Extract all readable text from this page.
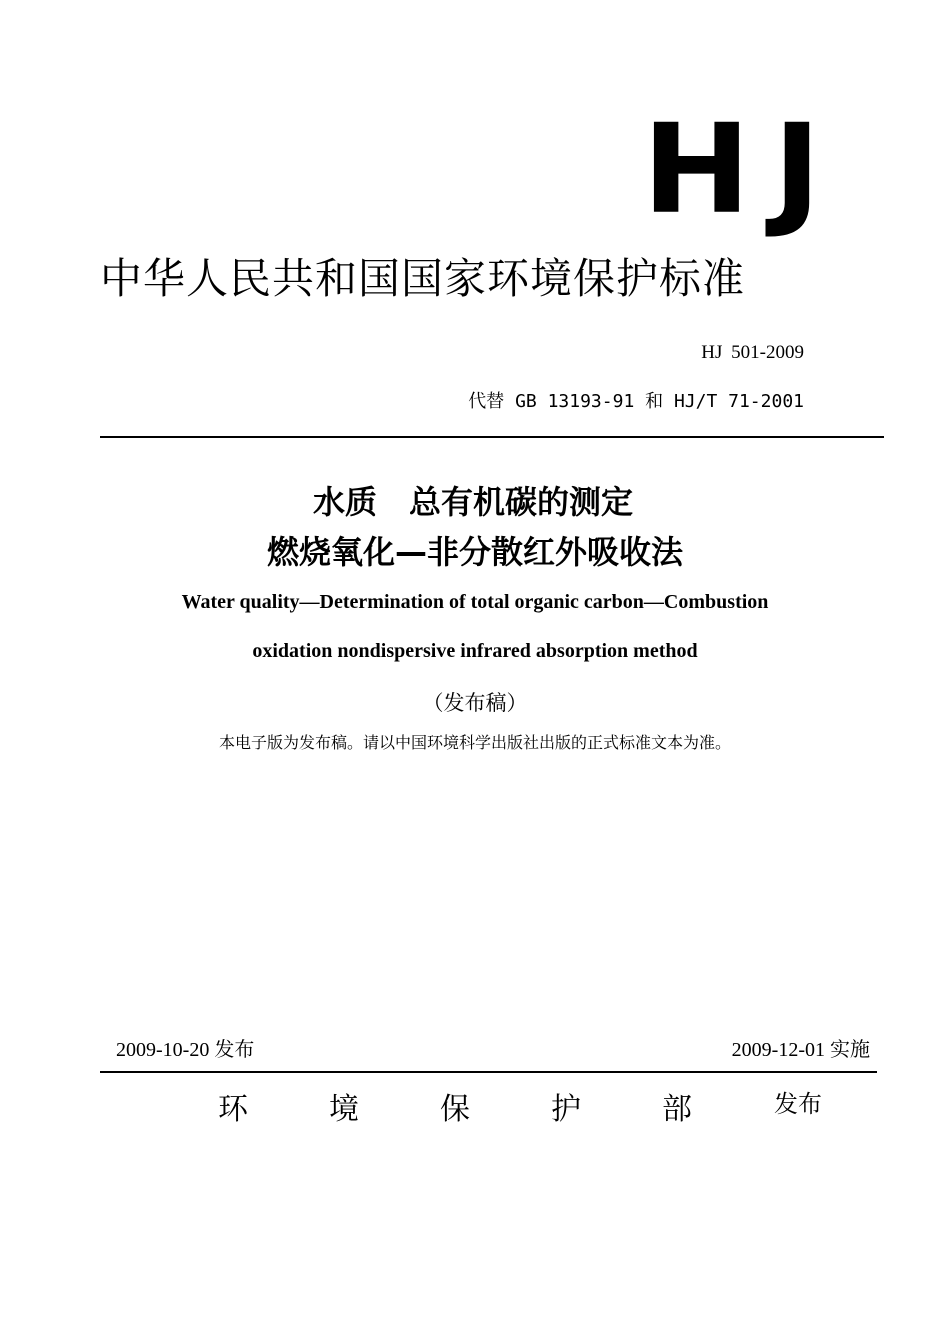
HJ
中华人民共和国国家环境保护标准
HJ 501-2009
代替 GB 13193-91 和 HJ/T 71-2001
水质　总有机碳的测定
燃烧氧化—非分散红外吸收法
Water quality—Determination of total organic carbon—Combustion
oxidation nondispersive infrared absorption method
（发布稿）
本电子版为发布稿。请以中国环境科学出版社出版的正式标准文本为准。
2009-10-20 发布	2009-12-01 实施
环	境	保	护	部	发布
